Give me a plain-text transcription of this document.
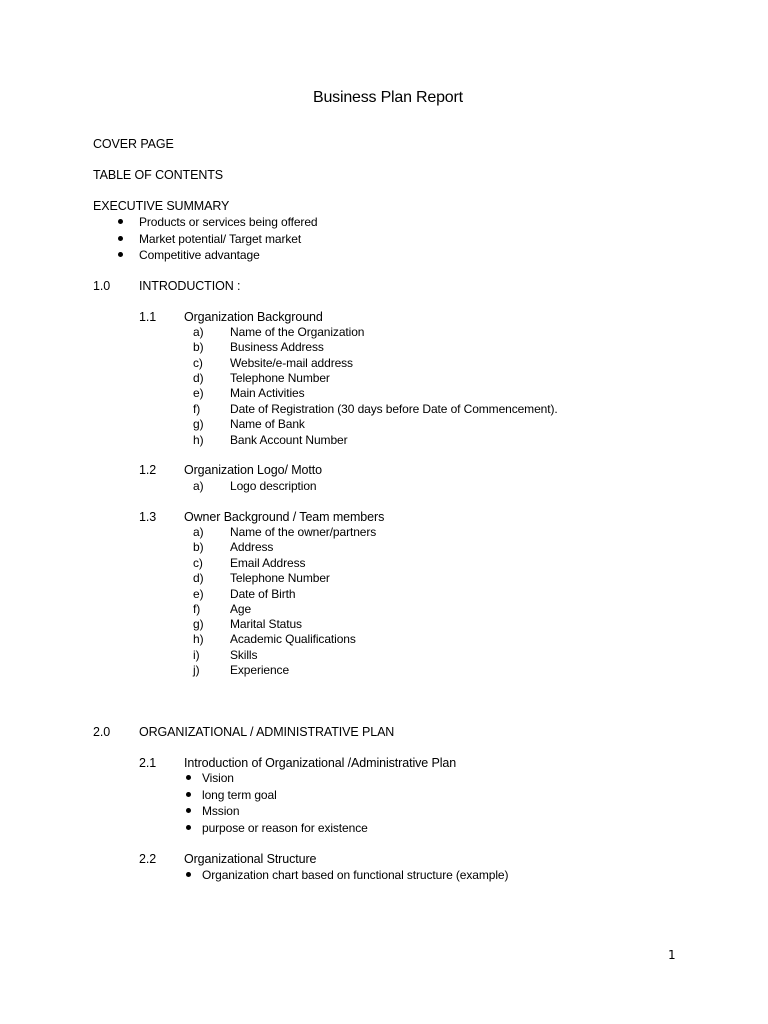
Business Plan Report
COVER PAGE
TABLE OF CONTENTS
EXECUTIVE SUMMARY
Products or services being offered
Market potential/ Target market
Competitive advantage
1.0 INTRODUCTION :
1.1 Organization Background
a) Name of the Organization
b) Business Address
c) Website/e-mail address
d) Telephone Number
e) Main Activities
f) Date of Registration (30 days before Date of Commencement).
g) Name of Bank
h) Bank Account Number
1.2 Organization Logo/ Motto
a) Logo description
1.3 Owner Background / Team members
a) Name of the owner/partners
b) Address
c) Email Address
d) Telephone Number
e) Date of Birth
f) Age
g) Marital Status
h) Academic Qualifications
i)	Skills
j)	Experience
2.0 ORGANIZATIONAL / ADMINISTRATIVE PLAN
2.1 Introduction of Organizational /Administrative Plan
Vision
long term goal
Mssion
purpose or reason for existence
2.2 Organizational Structure
Organization chart based on functional structure (example)
1
